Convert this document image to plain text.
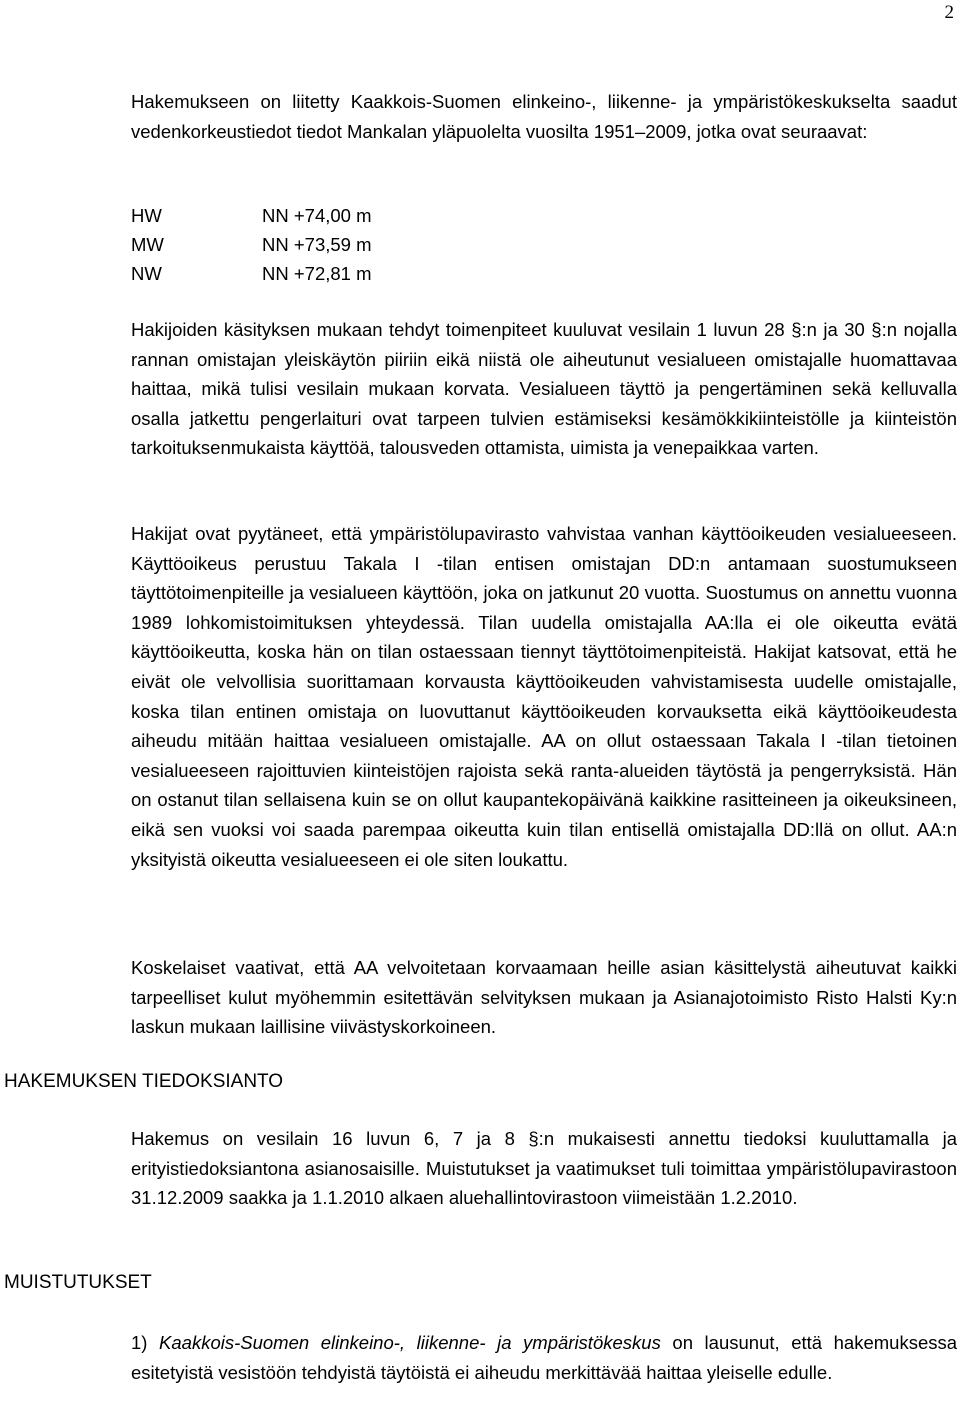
2

Hakemukseen on liitetty Kaakkois-Suomen elinkeino-, liikenne- ja ympäristökeskukselta saadut vedenkorkeustiedot tiedot Mankalan yläpuolelta vuosilta 1951–2009, jotka ovat seuraavat:

HW	NN +74,00 m
MW	NN +73,59 m
NW	NN +72,81 m

Hakijoiden käsityksen mukaan tehdyt toimenpiteet kuuluvat vesilain 1 luvun 28 §:n ja 30 §:n nojalla rannan omistajan yleiskäytön piiriin eikä niistä ole aiheutunut vesialueen omistajalle huomattavaa haittaa, mikä tulisi vesilain mukaan korvata. Vesialueen täyttö ja pengertäminen sekä kelluvalla osalla jatkettu pengerlaituri ovat tarpeen tulvien estämiseksi kesämökkikiinteistölle ja kiinteistön tarkoituksenmukaista käyttöä, talousveden ottamista, uimista ja venepaikkaa varten.

Hakijat ovat pyytäneet, että ympäristölupavirasto vahvistaa vanhan käyttöoikeuden vesialueeseen. Käyttöoikeus perustuu Takala I -tilan entisen omistajan DD:n antamaan suostumukseen täyttötoimenpiteille ja vesialueen käyttöön, joka on jatkunut 20 vuotta. Suostumus on annettu vuonna 1989 lohkomistoimituksen yhteydessä. Tilan uudella omistajalla AA:lla ei ole oikeutta evätä käyttöoikeutta, koska hän on tilan ostaessaan tiennyt täyttötoimenpiteistä. Hakijat katsovat, että he eivät ole velvollisia suorittamaan korvausta käyttöoikeuden vahvistamisesta uudelle omistajalle, koska tilan entinen omistaja on luovuttanut käyttöoikeuden korvauksetta eikä käyttöoikeudesta aiheudu mitään haittaa vesialueen omistajalle. AA on ollut ostaessaan Takala I -tilan tietoinen vesialueeseen rajoittuvien kiinteistöjen rajoista sekä ranta-alueiden täytöstä ja pengerryksistä. Hän on ostanut tilan sellaisena kuin se on ollut kaupantekopäivänä kaikkine rasitteineen ja oikeuksineen, eikä sen vuoksi voi saada parempaa oikeutta kuin tilan entisellä omistajalla DD:llä on ollut. AA:n yksityistä oikeutta vesialueeseen ei ole siten loukattu.

Koskelaiset vaativat, että AA velvoitetaan korvaamaan heille asian käsittelystä aiheutuvat kaikki tarpeelliset kulut myöhemmin esitettävän selvityksen mukaan ja Asianajotoimisto Risto Halsti Ky:n laskun mukaan laillisine viivästyskorkoineen.

HAKEMUKSEN TIEDOKSIANTO

Hakemus on vesilain 16 luvun 6, 7 ja 8 §:n mukaisesti annettu tiedoksi kuuluttamalla ja erityistiedoksiantona asianosaisille. Muistutukset ja vaatimukset tuli toimittaa ympäristölupavirastoon 31.12.2009 saakka ja 1.1.2010 alkaen aluehallintovirastoon viimeistään 1.2.2010.

MUISTUTUKSET

1) Kaakkois-Suomen elinkeino-, liikenne- ja ympäristökeskus on lausunut, että hakemuksessa esitetyistä vesistöön tehdyistä täytöistä ei aiheudu merkittävää haittaa yleiselle edulle.
